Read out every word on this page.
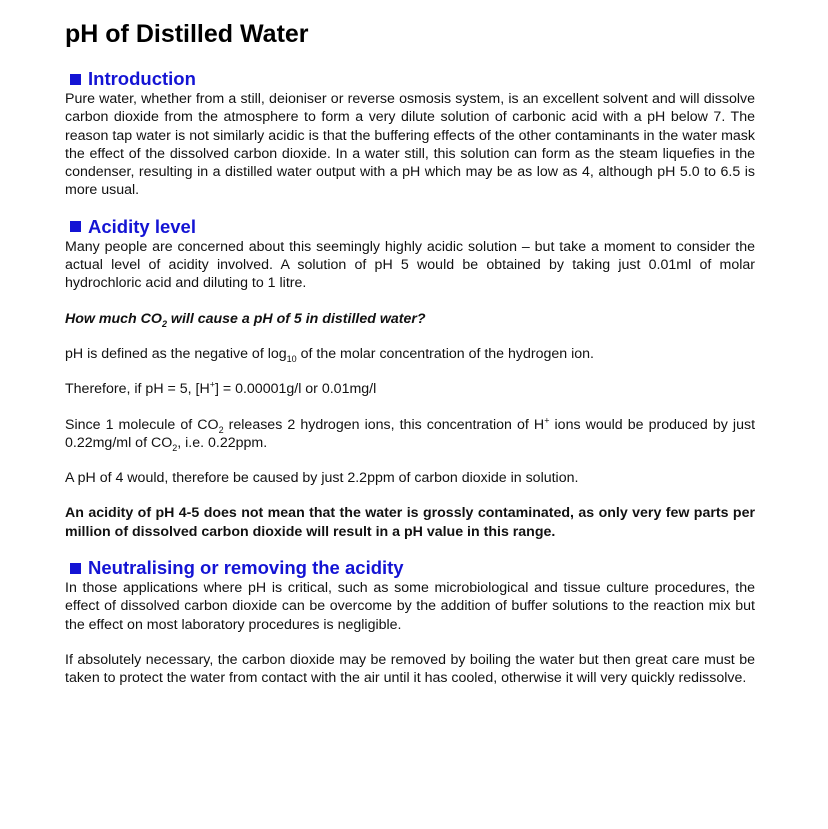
pH of Distilled Water
Introduction

Pure water, whether from a still, deioniser or reverse osmosis system, is an excellent solvent and will dissolve carbon dioxide from the atmosphere to form a very dilute solution of carbonic acid with a pH below 7. The reason tap water is not similarly acidic is that the buffering effects of the other contaminants in the water mask the effect of the dissolved carbon dioxide. In a water still, this solution can form as the steam liquefies in the condenser, resulting in a distilled water output with a pH which may be as low as 4, although pH 5.0 to 6.5 is more usual.

Acidity level

Many people are concerned about this seemingly highly acidic solution – but take a moment to consider the actual level of acidity involved. A solution of pH 5 would be obtained by taking just 0.01ml of molar hydrochloric acid and diluting to 1 litre.

How much $CO_2$ will cause a pH of 5 in distilled water?

pH is defined as the negative of $\log_{10}$ of the molar concentration of the hydrogen ion.

Therefore, if pH = 5, [H+] = 0.00001g/l or 0.01mg/l

Since 1 molecule of $CO_2$ releases 2 hydrogen ions, this concentration of H+ ions would be produced by just 0.22mg/ml of $CO_2$, i.e. 0.22ppm.

A pH of 4 would, therefore be caused by just 2.2ppm of carbon dioxide in solution.

An acidity of pH 4-5 does not mean that the water is grossly contaminated, as only very few parts per million of dissolved carbon dioxide will result in a pH value in this range.

Neutralising or removing the acidity

In those applications where pH is critical, such as some microbiological and tissue culture procedures, the effect of dissolved carbon dioxide can be overcome by the addition of buffer solutions to the reaction mix but the effect on most laboratory procedures is negligible.

If absolutely necessary, the carbon dioxide may be removed by boiling the water but then great care must be taken to protect the water from contact with the air until it has cooled, otherwise it will very quickly redissolve.
